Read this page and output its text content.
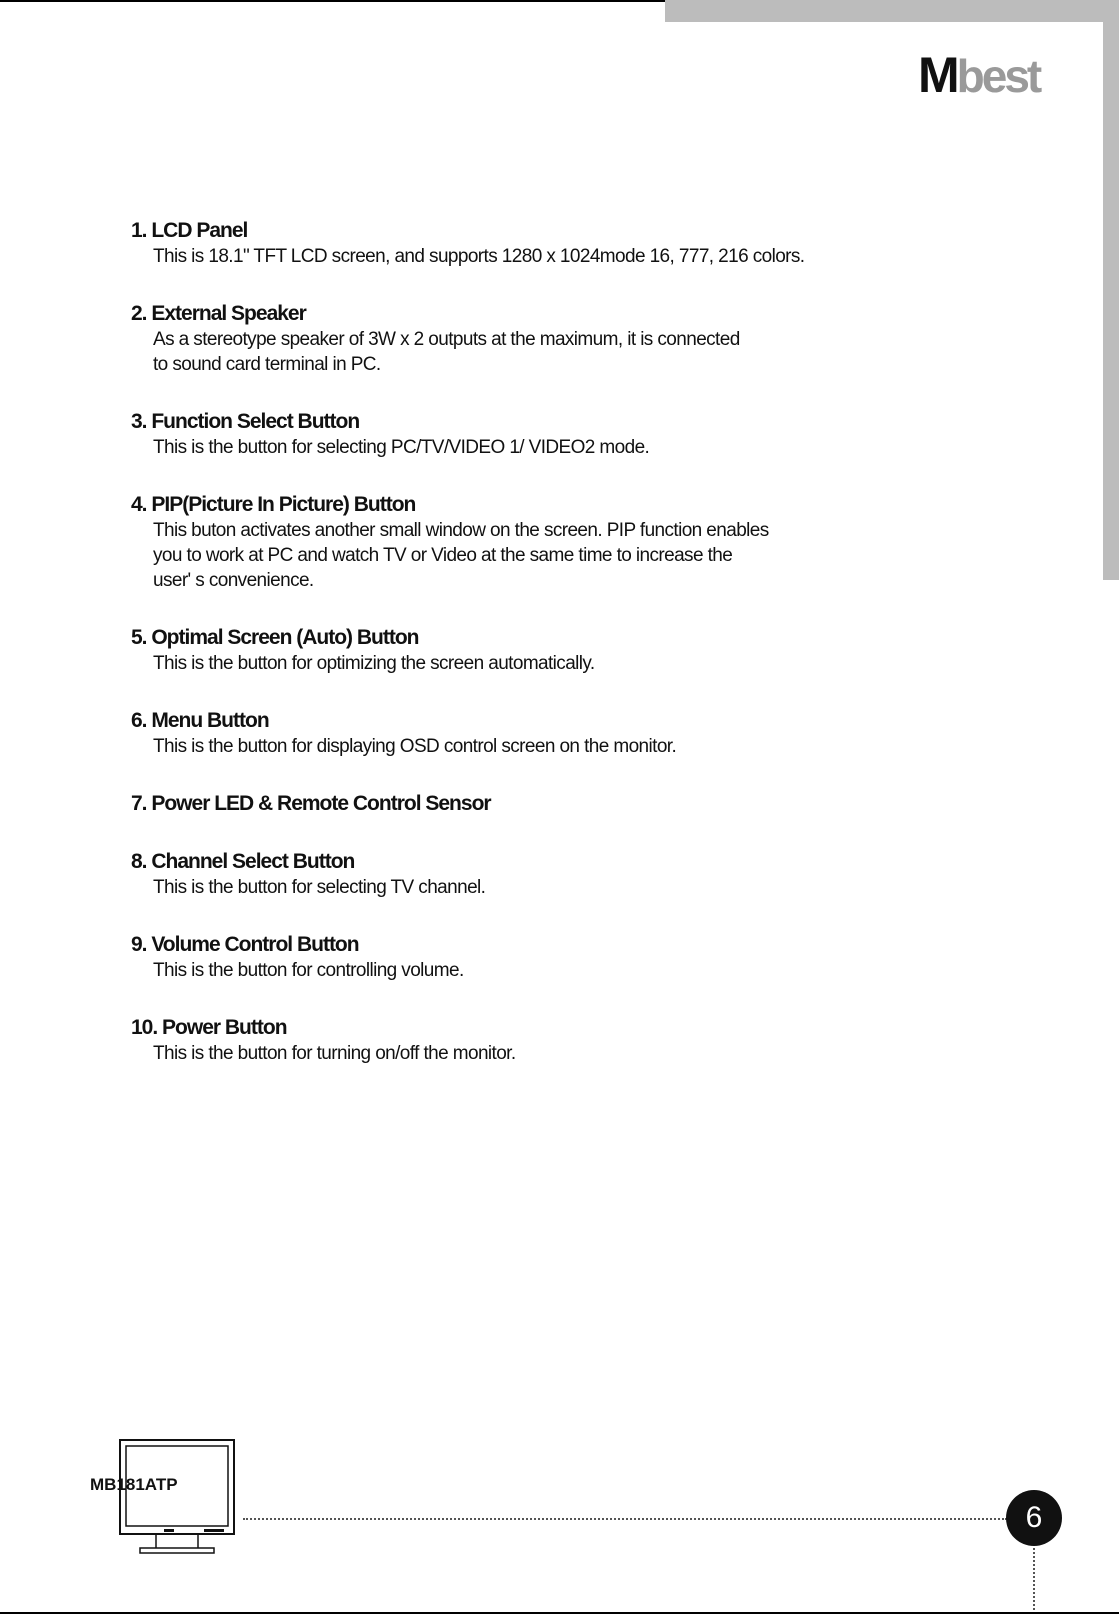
Mbest
1. LCD Panel
This is 18.1" TFT LCD screen, and supports 1280 x 1024mode 16, 777, 216 colors.
2. External Speaker
As a stereotype speaker of 3W x 2 outputs at the maximum, it is connected
to sound card terminal in PC.
3. Function Select Button
This is the button for selecting PC/TV/VIDEO 1/ VIDEO2 mode.
4. PIP(Picture In Picture) Button
This buton activates another small window on the screen. PIP function enables
you to work at PC and watch TV or Video at the same time to increase the
user' s convenience.
5. Optimal Screen (Auto) Button
This is the button for optimizing the screen automatically.
6. Menu Button
This is the button for displaying OSD control screen on the monitor.
7. Power LED & Remote Control Sensor
8. Channel Select Button
This is the button for selecting TV channel.
9. Volume Control Button
This is the button for controlling volume.
10. Power Button
This is the button for turning on/off the monitor.
MB181ATP
6
